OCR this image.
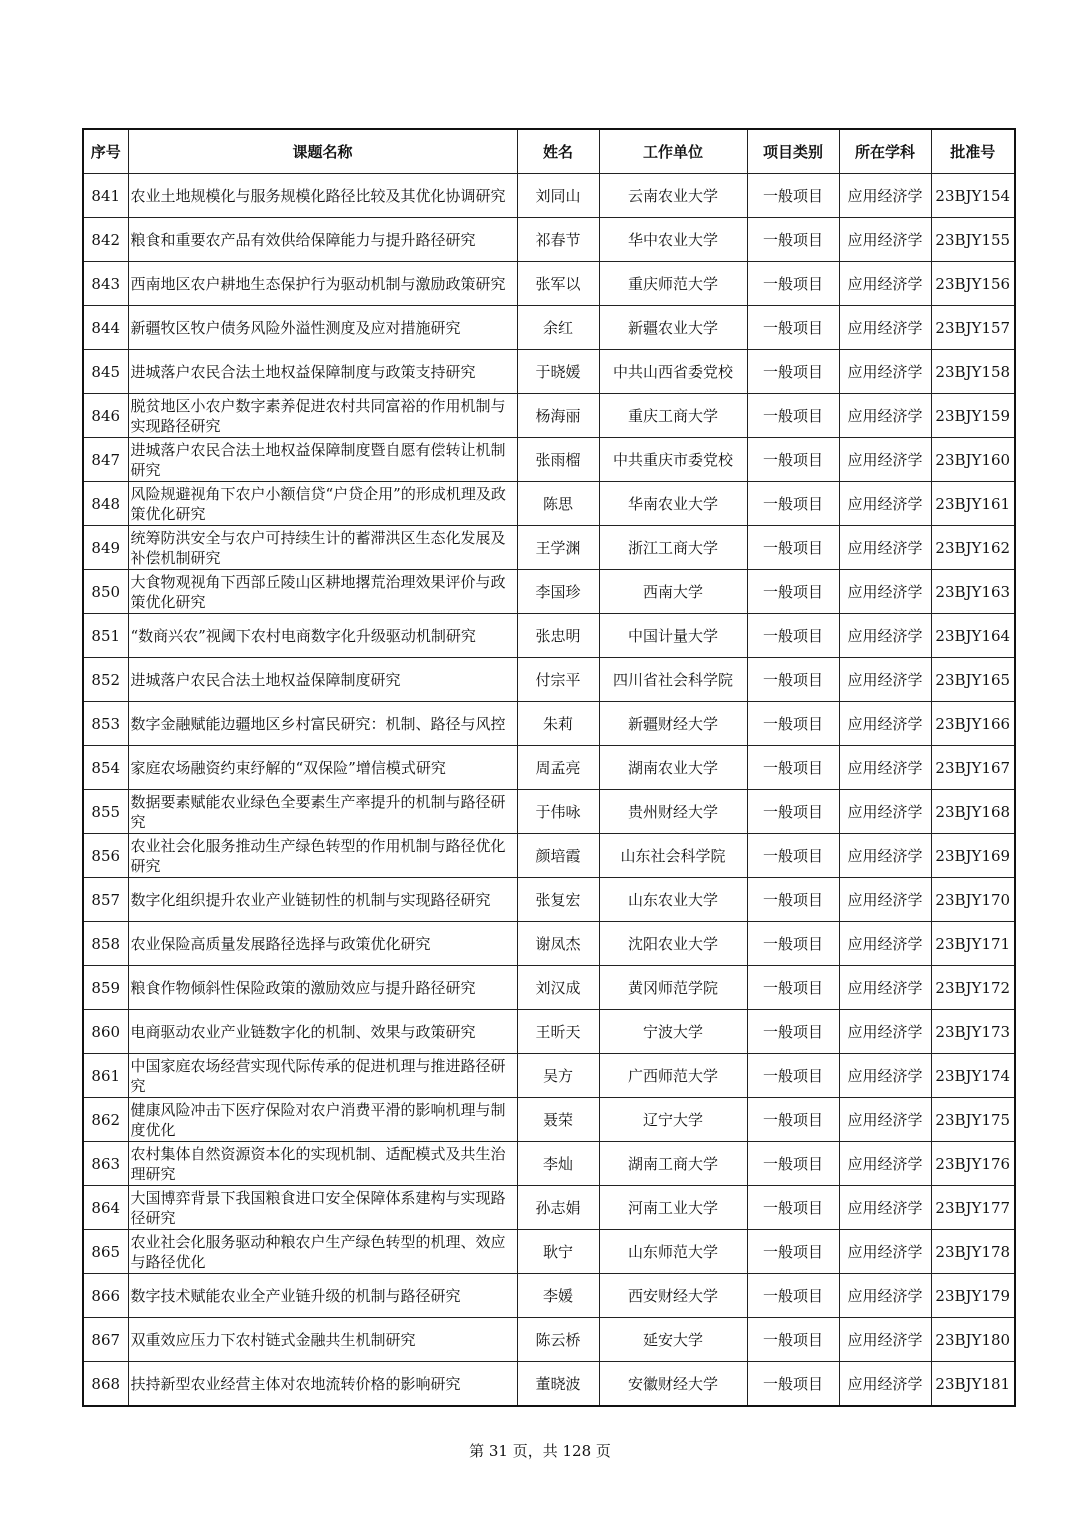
序号	课题名称	姓名	工作单位	项目类别	所在学科	批准号
841	农业土地规模化与服务规模化路径比较及其优化协调研究	刘同山	云南农业大学	一般项目	应用经济学	23BJY154
842	粮食和重要农产品有效供给保障能力与提升路径研究	祁春节	华中农业大学	一般项目	应用经济学	23BJY155
843	西南地区农户耕地生态保护行为驱动机制与激励政策研究	张军以	重庆师范大学	一般项目	应用经济学	23BJY156
844	新疆牧区牧户债务风险外溢性测度及应对措施研究	余红	新疆农业大学	一般项目	应用经济学	23BJY157
845	进城落户农民合法土地权益保障制度与政策支持研究	于晓媛	中共山西省委党校	一般项目	应用经济学	23BJY158
846	脱贫地区小农户数字素养促进农村共同富裕的作用机制与实现路径研究	杨海丽	重庆工商大学	一般项目	应用经济学	23BJY159
847	进城落户农民合法土地权益保障制度暨自愿有偿转让机制研究	张雨榴	中共重庆市委党校	一般项目	应用经济学	23BJY160
848	风险规避视角下农户小额信贷“户贷企用”的形成机理及政策优化研究	陈思	华南农业大学	一般项目	应用经济学	23BJY161
849	统筹防洪安全与农户可持续生计的蓄滞洪区生态化发展及补偿机制研究	王学渊	浙江工商大学	一般项目	应用经济学	23BJY162
850	大食物观视角下西部丘陵山区耕地撂荒治理效果评价与政策优化研究	李国珍	西南大学	一般项目	应用经济学	23BJY163
851	“数商兴农”视阈下农村电商数字化升级驱动机制研究	张忠明	中国计量大学	一般项目	应用经济学	23BJY164
852	进城落户农民合法土地权益保障制度研究	付宗平	四川省社会科学院	一般项目	应用经济学	23BJY165
853	数字金融赋能边疆地区乡村富民研究：机制、路径与风控	朱莉	新疆财经大学	一般项目	应用经济学	23BJY166
854	家庭农场融资约束纾解的“双保险”增信模式研究	周孟亮	湖南农业大学	一般项目	应用经济学	23BJY167
855	数据要素赋能农业绿色全要素生产率提升的机制与路径研究	于伟咏	贵州财经大学	一般项目	应用经济学	23BJY168
856	农业社会化服务推动生产绿色转型的作用机制与路径优化研究	颜培霞	山东社会科学院	一般项目	应用经济学	23BJY169
857	数字化组织提升农业产业链韧性的机制与实现路径研究	张复宏	山东农业大学	一般项目	应用经济学	23BJY170
858	农业保险高质量发展路径选择与政策优化研究	谢凤杰	沈阳农业大学	一般项目	应用经济学	23BJY171
859	粮食作物倾斜性保险政策的激励效应与提升路径研究	刘汉成	黄冈师范学院	一般项目	应用经济学	23BJY172
860	电商驱动农业产业链数字化的机制、效果与政策研究	王昕天	宁波大学	一般项目	应用经济学	23BJY173
861	中国家庭农场经营实现代际传承的促进机理与推进路径研究	吴方	广西师范大学	一般项目	应用经济学	23BJY174
862	健康风险冲击下医疗保险对农户消费平滑的影响机理与制度优化	聂荣	辽宁大学	一般项目	应用经济学	23BJY175
863	农村集体自然资源资本化的实现机制、适配模式及共生治理研究	李灿	湖南工商大学	一般项目	应用经济学	23BJY176
864	大国博弈背景下我国粮食进口安全保障体系建构与实现路径研究	孙志娟	河南工业大学	一般项目	应用经济学	23BJY177
865	农业社会化服务驱动种粮农户生产绿色转型的机理、效应与路径优化	耿宁	山东师范大学	一般项目	应用经济学	23BJY178
866	数字技术赋能农业全产业链升级的机制与路径研究	李媛	西安财经大学	一般项目	应用经济学	23BJY179
867	双重效应压力下农村链式金融共生机制研究	陈云桥	延安大学	一般项目	应用经济学	23BJY180
868	扶持新型农业经营主体对农地流转价格的影响研究	董晓波	安徽财经大学	一般项目	应用经济学	23BJY181
第 31 页，共 128 页
